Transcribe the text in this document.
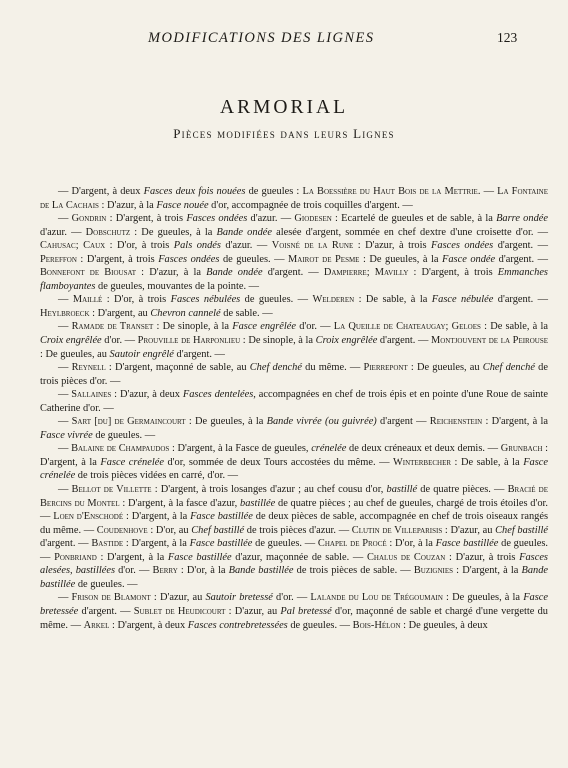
MODIFICATIONS DES LIGNES	123
ARMORIAL
Pièces modifiées dans leurs Lignes

— D'argent, à deux Fasces deux fois nouées de gueules : La Boessière du Haut Bois de la Mettrie. — La Fontaine de La Cachais : D'azur, à la Fasce nouée d'or, accompagnée de trois coquilles d'argent. —

— Gondrin : D'argent, à trois Fasces ondées d'azur. — Giodesen : Ecartelé de gueules et de sable, à la Barre ondée d'azur. — Dobschutz : De gueules, à la Bande ondée alesée d'argent, sommée en chef dextre d'une croisette d'or. — Cahusac; Caux : D'or, à trois Pals ondés d'azur. — Voisné de la Rune : D'azur, à trois Fasces ondées d'argent. — Pereffon : D'argent, à trois Fasces ondées de gueules. — Mairot de Pesme : De gueules, à la Fasce ondée d'argent. — Bonnefont de Biousat : D'azur, à la Bande ondée d'argent. — Dampierre; Mavilly : D'argent, à trois Emmanches flamboyantes de gueules, mouvantes de la pointe. —

— Maillé : D'or, à trois Fasces nébulées de gueules. — Welderen : De sable, à la Fasce nébulée d'argent. — Heylbroeck : D'argent, au Chevron cannelé de sable. —

— Ramade de Transet : De sinople, à la Fasce engrêlée d'or. — La Queille de Chateaugay; Geloes : De sable, à la Croix engrêlée d'or. — Prouville de Harponlieu : De sinople, à la Croix engrêlée d'argent. — Montjouvent de la Peirouse : De gueules, au Sautoir engrêlé d'argent. —

— Reynell : D'argent, maçonné de sable, au Chef denché du même. — Pierrepont : De gueules, au Chef denché de trois pièces d'or. —

— Sallaines : D'azur, à deux Fasces dentelées, accompagnées en chef de trois épis et en pointe d'une Roue de sainte Catherine d'or. —

— Sart [du] de Germaincourt : De gueules, à la Bande vivrée (ou guivrée) d'argent — Reichenstein : D'argent, à la Fasce vivrée de gueules. —

— Balaine de Champaudos : D'argent, à la Fasce de gueules, crénelée de deux créneaux et deux demis. — Grunbach : D'argent, à la Fasce crénelée d'or, sommée de deux Tours accostées du même. — Winterbecher : De sable, à la Fasce crénelée de trois pièces vidées en carré, d'or. —

— Bellot de Villette : D'argent, à trois losanges d'azur ; au chef cousu d'or, bastillé de quatre pièces. — Bracié de Bercins du Montel : D'argent, à la fasce d'azur, bastillée de quatre pièces ; au chef de gueules, chargé de trois étoiles d'or. — Loen d'Enschodé : D'argent, à la Fasce bastillée de deux pièces de sable, accompagnée en chef de trois oiseaux rangés du même. — Coudenhove : D'or, au Chef bastillé de trois pièces d'azur. — Clutin de Villeparisis : D'azur, au Chef bastillé d'argent. — Bastide : D'argent, à la Fasce bastillée de gueules. — Chapel de Procé : D'or, à la Fasce bastillée de gueules. — Ponbriand : D'argent, à la Fasce bastillée d'azur, maçonnée de sable. — Chalus de Couzan : D'azur, à trois Fasces alesées, bastillées d'or. — Berry : D'or, à la Bande bastillée de trois pièces de sable. — Buzignies : D'argent, à la Bande bastillée de gueules. —

— Frison de Blamont : D'azur, au Sautoir bretessé d'or. — Lalande du Lou de Trégoumain : De gueules, à la Fasce bretessée d'argent. — Sublet de Heudicourt : D'azur, au Pal bretessé d'or, maçonné de sable et chargé d'une vergette du même. — Arkel : D'argent, à deux Fasces contrebretessées de gueules. — Bois-Hélon : De gueules, à deux
